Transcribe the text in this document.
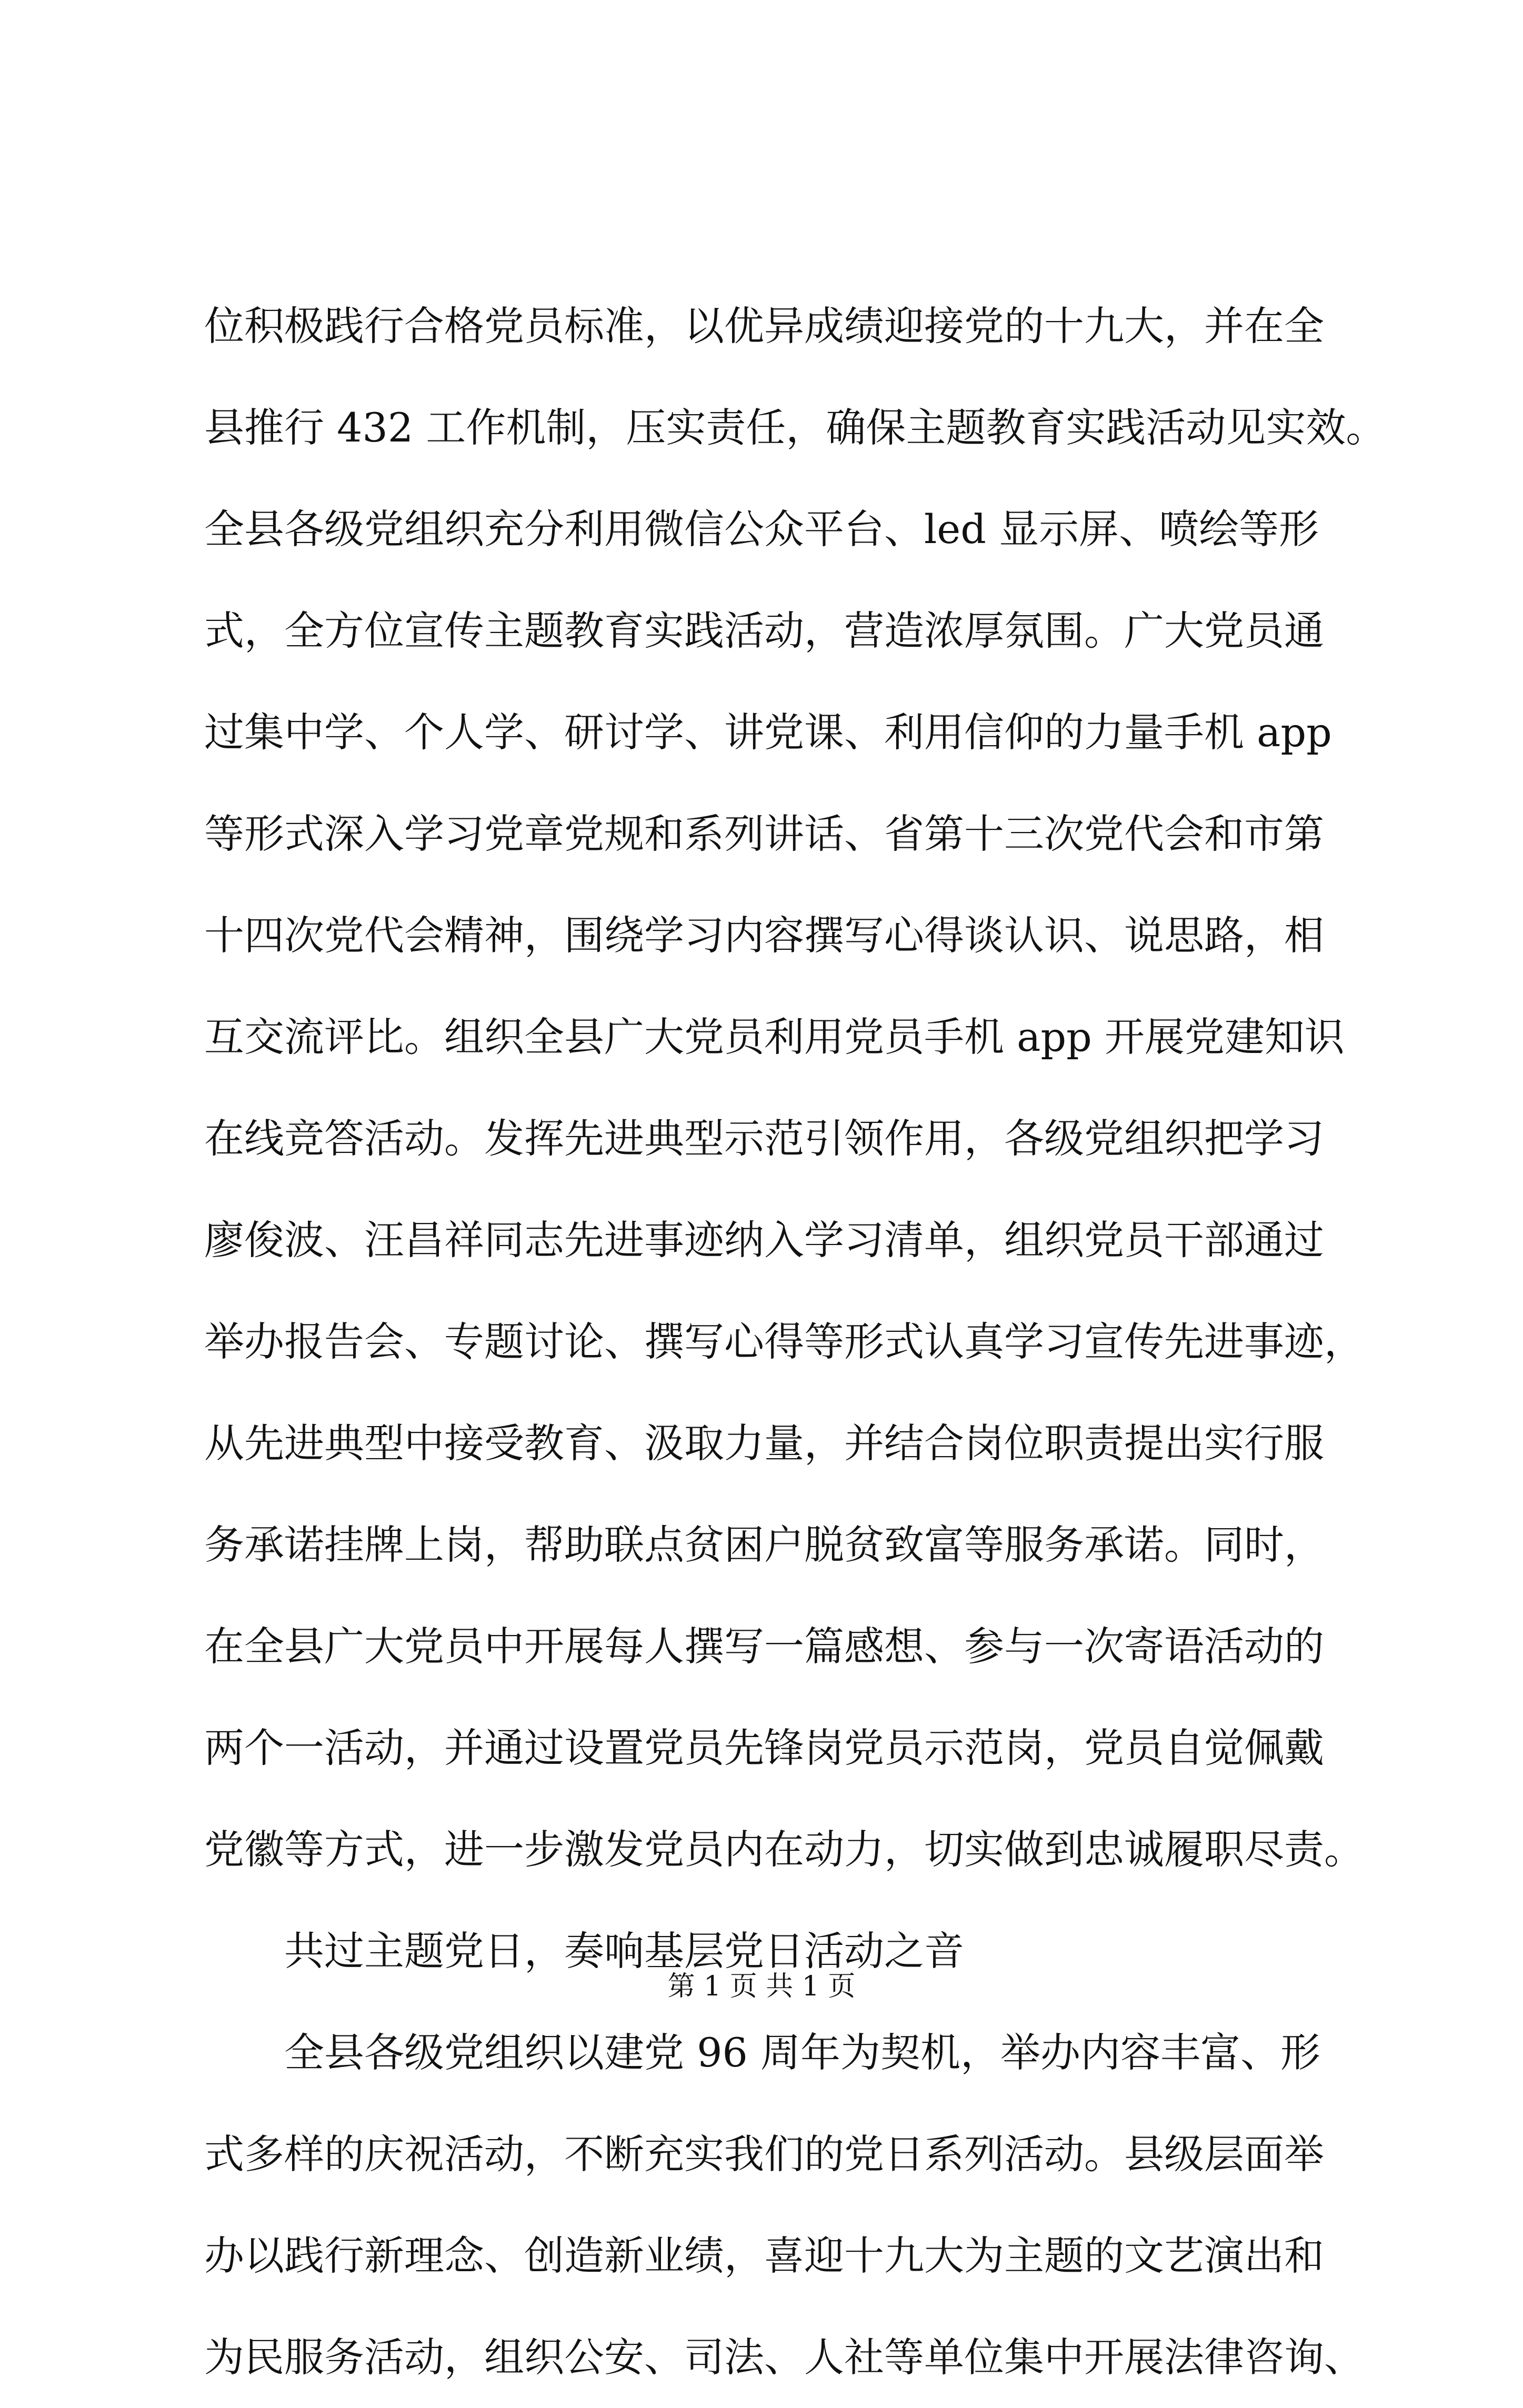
位积极践行合格党员标准，以优异成绩迎接党的十九大，并在全
县推行 432 工作机制，压实责任，确保主题教育实践活动见实效。
全县各级党组织充分利用微信公众平台、led 显示屏、喷绘等形
式，全方位宣传主题教育实践活动，营造浓厚氛围。广大党员通
过集中学、个人学、研讨学、讲党课、利用信仰的力量手机 app
等形式深入学习党章党规和系列讲话、省第十三次党代会和市第
十四次党代会精神，围绕学习内容撰写心得谈认识、说思路，相
互交流评比。组织全县广大党员利用党员手机 app 开展党建知识
在线竞答活动。发挥先进典型示范引领作用，各级党组织把学习
廖俊波、汪昌祥同志先进事迹纳入学习清单，组织党员干部通过
举办报告会、专题讨论、撰写心得等形式认真学习宣传先进事迹，
从先进典型中接受教育、汲取力量，并结合岗位职责提出实行服
务承诺挂牌上岗，帮助联点贫困户脱贫致富等服务承诺。同时，
在全县广大党员中开展每人撰写一篇感想、参与一次寄语活动的
两个一活动，并通过设置党员先锋岗党员示范岗，党员自觉佩戴
党徽等方式，进一步激发党员内在动力，切实做到忠诚履职尽责。
共过主题党日，奏响基层党日活动之音
全县各级党组织以建党 96 周年为契机，举办内容丰富、形
式多样的庆祝活动，不断充实我们的党日系列活动。县级层面举
办以践行新理念、创造新业绩，喜迎十九大为主题的文艺演出和
为民服务活动，组织公安、司法、人社等单位集中开展法律咨询、
第 1 页 共 1 页
